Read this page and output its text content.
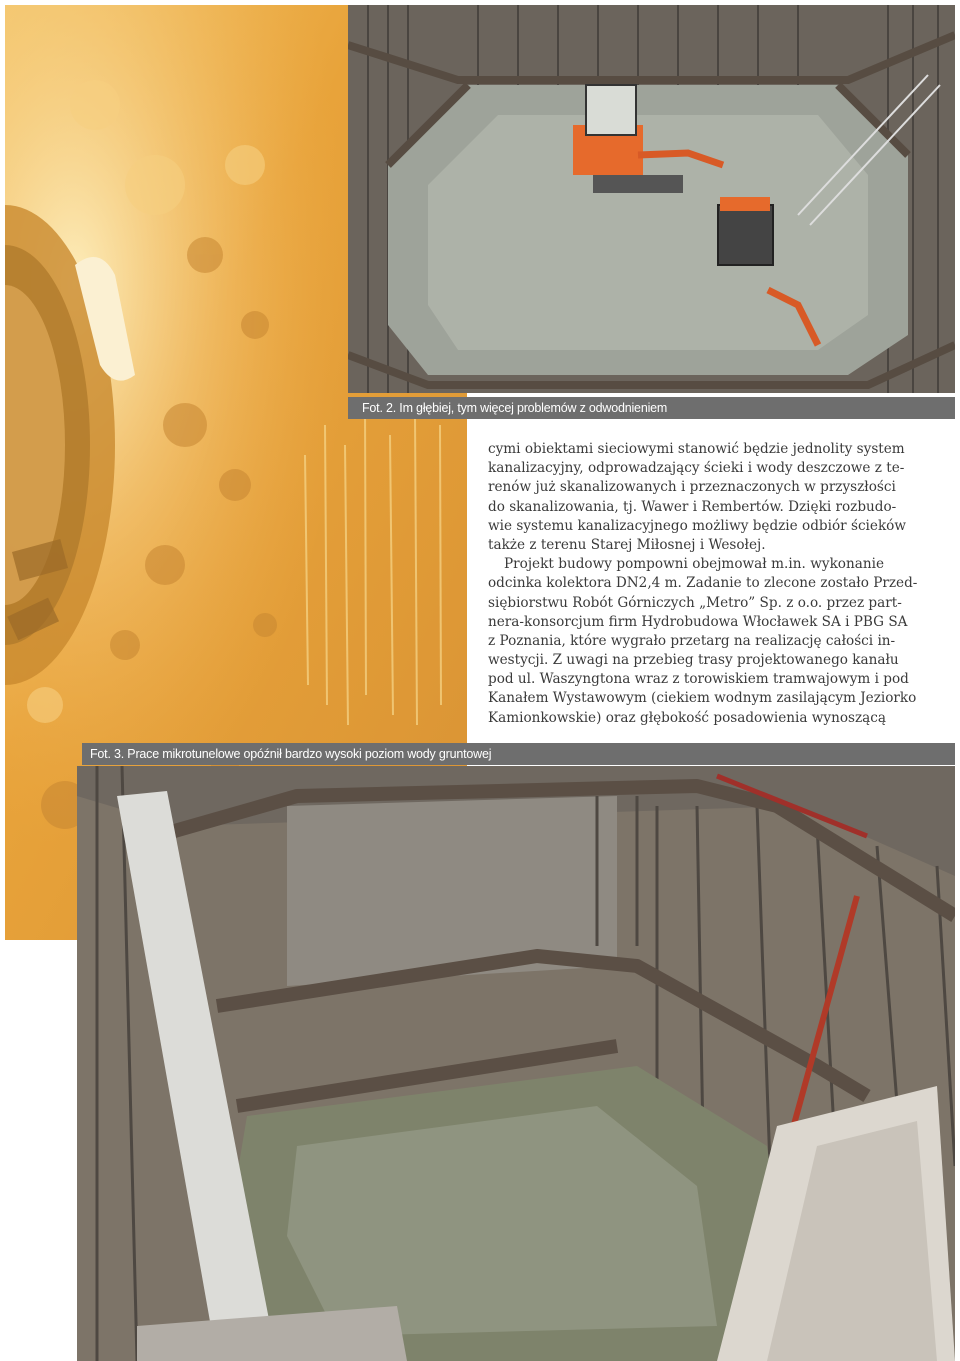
Fot. 2. Im głębiej, tym więcej problemów z odwodnieniem
Fot. 3. Prace mikrotunelowe opóźnił bardzo wysoki poziom wody gruntowej
cymi obiektami sieciowymi stanowić będzie jednolity system
kanalizacyjny, odprowadzający ścieki i wody deszczowe z te-
renów już skanalizowanych i przeznaczonych w przyszłości
do skanalizowania, tj. Wawer i Rembertów. Dzięki rozbudo-
wie systemu kanalizacyjnego możliwy będzie odbiór ścieków
także z terenu Starej Miłosnej i Wesołej.
Projekt budowy pompowni obejmował m.in. wykonanie
odcinka kolektora DN2,4 m. Zadanie to zlecone zostało Przed-
siębiorstwu Robót Górniczych „Metro” Sp. z o.o. przez part-
nera-konsorcjum firm Hydrobudowa Włocławek SA i PBG SA
z Poznania, które wygrało przetarg na realizację całości in-
westycji. Z uwagi na przebieg trasy projektowanego kanału
pod ul. Waszyngtona wraz z torowiskiem tramwajowym i pod
Kanałem Wystawowym (ciekiem wodnym zasilającym Jeziorko
Kamionkowskie) oraz głębokość posadowienia wynoszącą
